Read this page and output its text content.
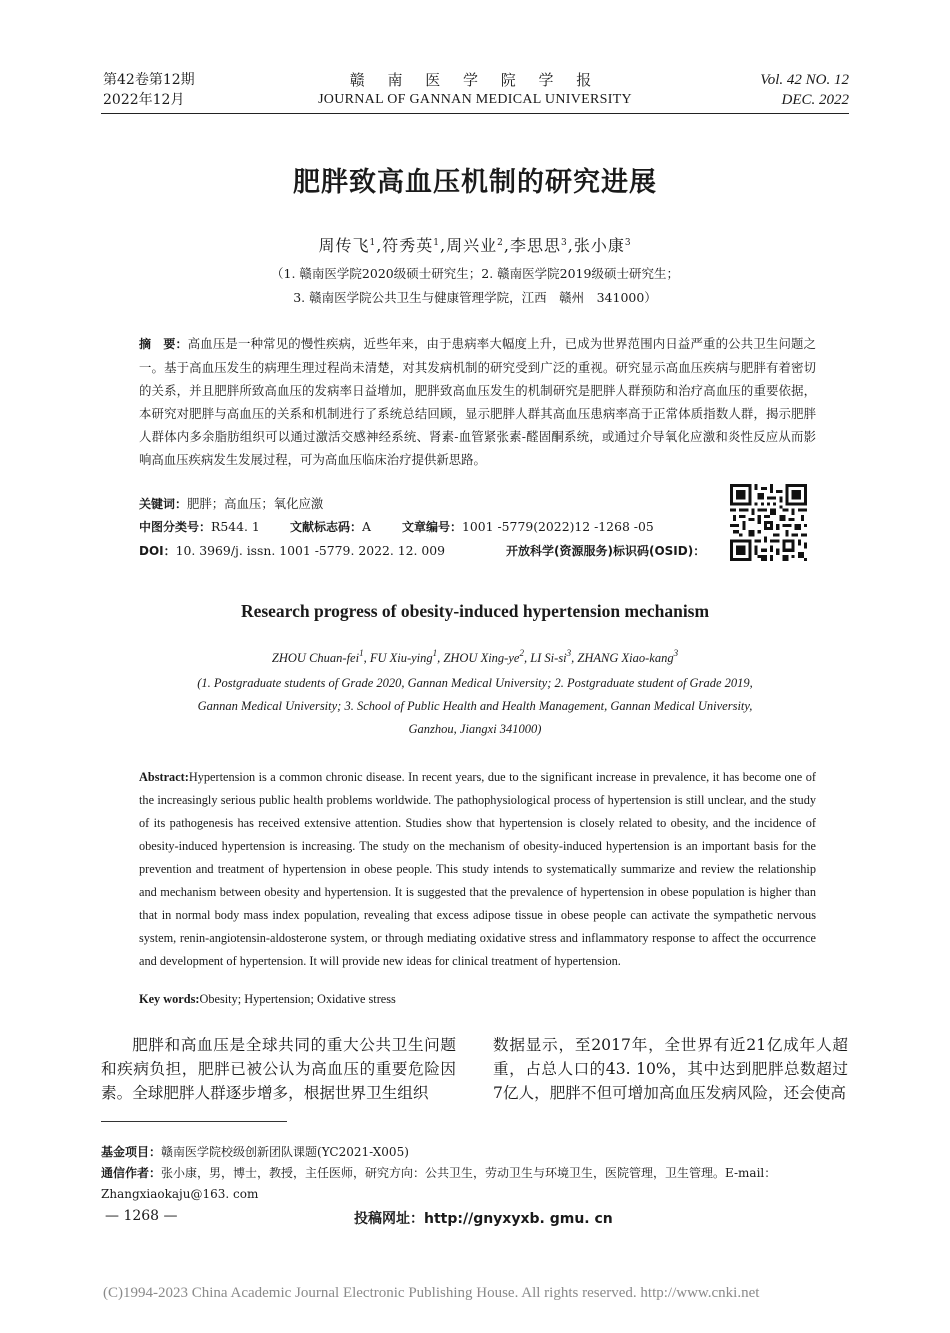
第42卷第12期
2022年12月
赣 南 医 学 院 学 报
JOURNAL OF GANNAN MEDICAL UNIVERSITY
Vol. 42 NO. 12
DEC. 2022
肥胖致高血压机制的研究进展
周传飞$^1$,符秀英$^1$,周兴业$^2$,李思思$^3$,张小康$^3$
（1. 赣南医学院2020级硕士研究生；2. 赣南医学院2019级硕士研究生；
3. 赣南医学院公共卫生与健康管理学院，江西　赣州　341000）
摘　要：高血压是一种常见的慢性疾病，近些年来，由于患病率大幅度上升，已成为世界范围内日益严重的公共卫生问题之一。基于高血压发生的病理生理过程尚未清楚，对其发病机制的研究受到广泛的重视。研究显示高血压疾病与肥胖有着密切的关系，并且肥胖所致高血压的发病率日益增加，肥胖致高血压发生的机制研究是肥胖人群预防和治疗高血压的重要依据，本研究对肥胖与高血压的关系和机制进行了系统总结回顾，显示肥胖人群其高血压患病率高于正常体质指数人群，揭示肥胖人群体内多余脂肪组织可以通过激活交感神经系统、肾素-血管紧张素-醛固酮系统，或通过介导氧化应激和炎性反应从而影响高血压疾病发生发展过程，可为高血压临床治疗提供新思路。
关键词：肥胖；高血压；氧化应激
中图分类号：R544. 1	文献标志码：A	文章编号：1001 -5779(2022)12 -1268 -05
DOI：10. 3969/j. issn. 1001 -5779. 2022. 12. 009	开放科学(资源服务)标识码(OSID)：
Research progress of obesity-induced hypertension mechanism
ZHOU Chuan-fei$^1$, FU Xiu-ying$^1$, ZHOU Xing-$ye^2$, LI $Si-si^3$, ZHANG Xiao-kang$^3$
(1. Postgraduate students of Grade 2020, Gannan Medical University; 2. Postgraduate student of Grade 2019,
Gannan Medical University; 3. School of Public Health and Health Management, Gannan Medical University,
Ganzhou, Jiangxi 341000)
Abstract:Hypertension is a common chronic disease. In recent years, due to the significant increase in prevalence, it has become one of the increasingly serious public health problems worldwide. The pathophysiological process of hypertension is still unclear, and the study of its pathogenesis has received extensive attention. Studies show that hypertension is closely related to obesity, and the incidence of obesity-induced hypertension is increasing. The study on the mechanism of obesity-induced hypertension is an important basis for the prevention and treatment of hypertension in obese people. This study intends to systematically summarize and review the relationship and mechanism between obesity and hypertension. It is suggested that the prevalence of hypertension in obese population is higher than that in normal body mass index population, revealing that excess adipose tissue in obese people can activate the sympathetic nervous system, renin-angiotensin-aldosterone system, or through mediating oxidative stress and inflammatory response to affect the occurrence and development of hypertension. It will provide new ideas for clinical treatment of hypertension.
Key words:Obesity; Hypertension; Oxidative stress
肥胖和高血压是全球共同的重大公共卫生问题和疾病负担，肥胖已被公认为高血压的重要危险因素。全球肥胖人群逐步增多，根据世界卫生组织
数据显示，至2017年，全世界有近21亿成年人超重，占总人口的43. 10%，其中达到肥胖总数超过7亿人，肥胖不但可增加高血压发病风险，还会使高
基金项目：赣南医学院校级创新团队课题(YC2021-X005)
通信作者：张小康，男，博士，教授，主任医师，研究方向：公共卫生，劳动卫生与环境卫生，医院管理，卫生管理。E-mail：
Zhangxiaokaju@163. com
— 1268 —	投稿网址：http://gnyxyxb. gmu. cn
(C)1994-2023 China Academic Journal Electronic Publishing House. All rights reserved. http://www.cnki.net
